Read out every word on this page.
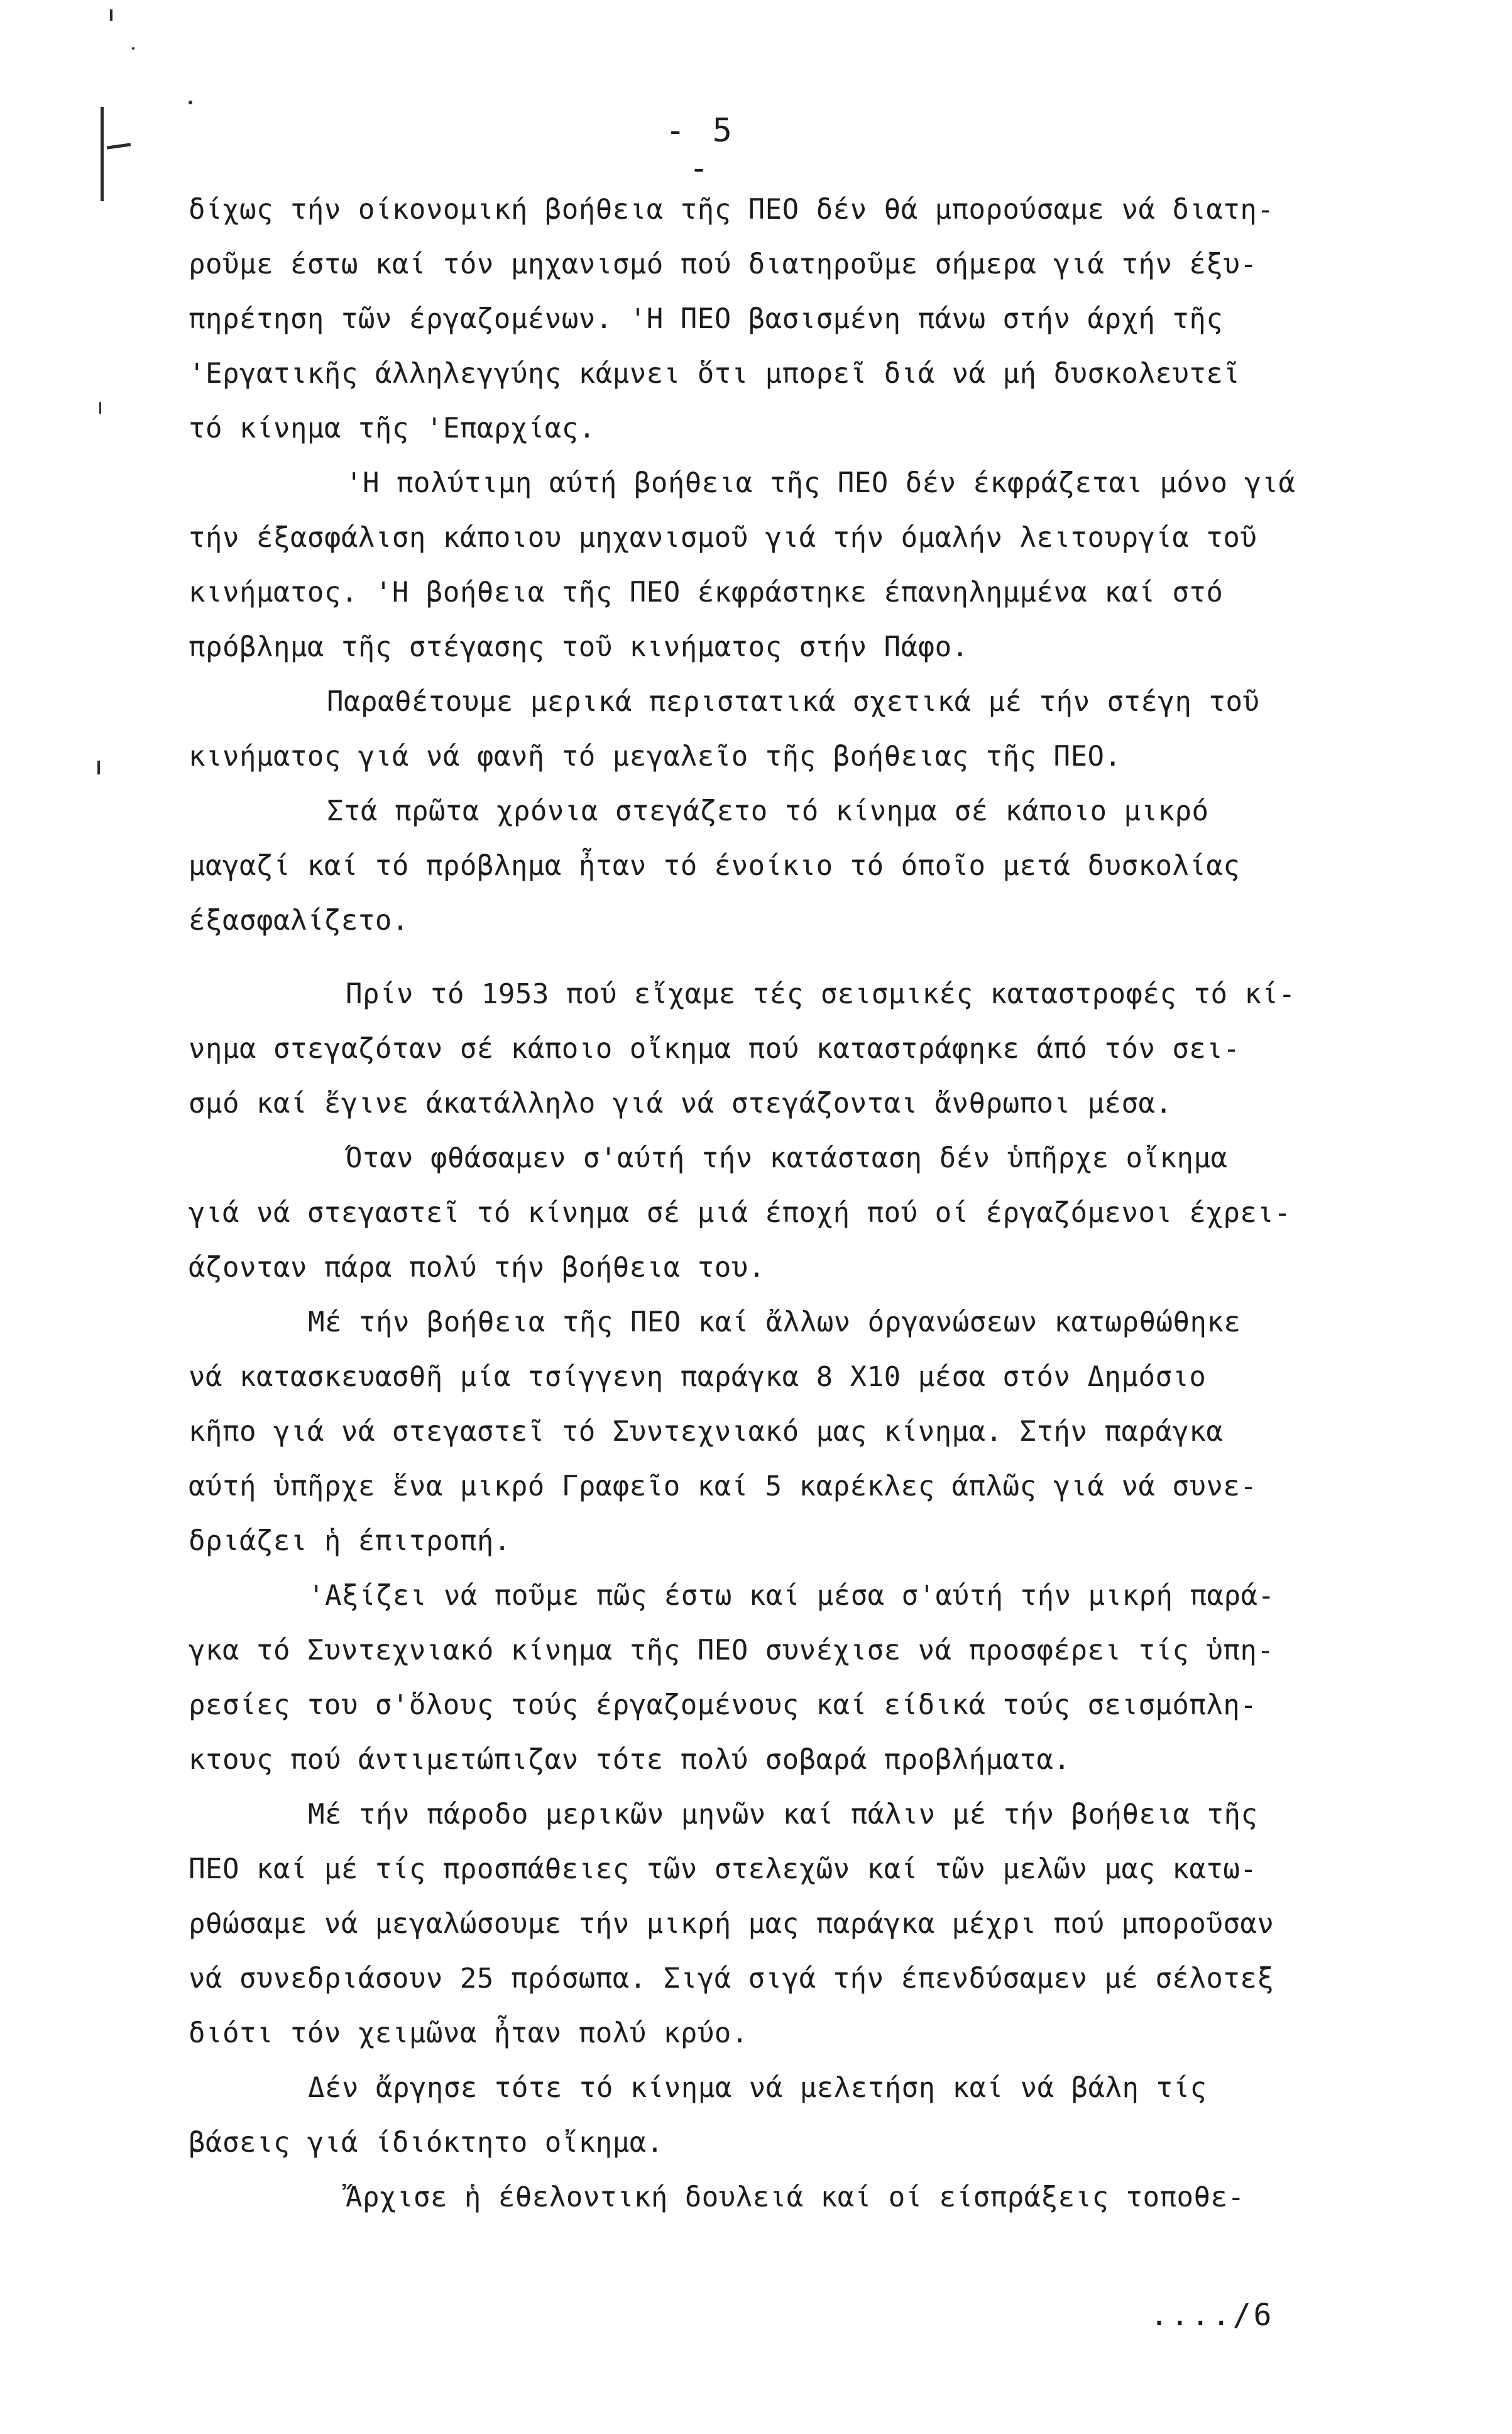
- 5 -
δίχως τήν οίκονομική βοήθεια τῆς ΠΕΟ δέν θά μπορούσαμε νά διατη-
ροῦμε έστω καί τόν μηχανισμό πού διατηροῦμε σήμερα γιά τήν έξυ-
πηρέτηση τῶν έργαζομένων. 'Η ΠΕΟ βασισμένη πάνω στήν άρχή τῆς
'Εργατικῆς άλληλεγγύης κάμνει ὅτι μπορεῖ διά νά μή δυσκολευτεῖ
τό κίνημα τῆς 'Επαρχίας.
'Η πολύτιμη αύτή βοήθεια τῆς ΠΕΟ δέν έκφράζεται μόνο γιά
τήν έξασφάλιση κάποιου μηχανισμοῦ γιά τήν όμαλήν λειτουργία τοῦ
κινήματος. 'Η βοήθεια τῆς ΠΕΟ έκφράστηκε έπανηλημμένα καί στό
πρόβλημα τῆς στέγασης τοῦ κινήματος στήν Πάφο.
Παραθέτουμε μερικά περιστατικά σχετικά μέ τήν στέγη τοῦ
κινήματος γιά νά φανῆ τό μεγαλεῖο τῆς βοήθειας τῆς ΠΕΟ.
Στά πρῶτα χρόνια στεγάζετο τό κίνημα σέ κάποιο μικρό
μαγαζί καί τό πρόβλημα ἦταν τό ένοίκιο τό όποῖο μετά δυσκολίας
έξασφαλίζετο.
Πρίν τό 1953 πού εἴχαμε τές σεισμικές καταστροφές τό κί-
νημα στεγαζόταν σέ κάποιο οἴκημα πού καταστράφηκε άπό τόν σει-
σμό καί ἔγινε άκατάλληλο γιά νά στεγάζονται ἄνθρωποι μέσα.
Όταν φθάσαμεν σ'αύτή τήν κατάσταση δέν ὑπῆρχε οἴκημα
γιά νά στεγαστεῖ τό κίνημα σέ μιά έποχή πού οί έργαζόμενοι έχρει-
άζονταν πάρα πολύ τήν βοήθεια του.
Μέ τήν βοήθεια τῆς ΠΕΟ καί ἄλλων όργανώσεων κατωρθώθηκε
νά κατασκευασθῆ μία τσίγγενη παράγκα 8 Χ10 μέσα στόν Δημόσιο
κῆπο γιά νά στεγαστεῖ τό Συντεχνιακό μας κίνημα. Στήν παράγκα
αύτή ὑπῆρχε ἕνα μικρό Γραφεῖο καί 5 καρέκλες άπλῶς γιά νά συνε-
δριάζει ἡ έπιτροπή.
'Αξίζει νά ποῦμε πῶς έστω καί μέσα σ'αύτή τήν μικρή παρά-
γκα τό Συντεχνιακό κίνημα τῆς ΠΕΟ συνέχισε νά προσφέρει τίς ὑπη-
ρεσίες του σ'ὅλους τούς έργαζομένους καί είδικά τούς σεισμόπλη-
κτους πού άντιμετώπιζαν τότε πολύ σοβαρά προβλήματα.
Μέ τήν πάροδο μερικῶν μηνῶν καί πάλιν μέ τήν βοήθεια τῆς
ΠΕΟ καί μέ τίς προσπάθειες τῶν στελεχῶν καί τῶν μελῶν μας κατω-
ρθώσαμε νά μεγαλώσουμε τήν μικρή μας παράγκα μέχρι πού μποροῦσαν
νά συνεδριάσουν 25 πρόσωπα. Σιγά σιγά τήν έπενδύσαμεν μέ σέλοτεξ
διότι τόν χειμῶνα ἦταν πολύ κρύο.
Δέν ἄργησε τότε τό κίνημα νά μελετήση καί νά βάλη τίς
βάσεις γιά ίδιόκτητο οἴκημα.
Ἄρχισε ἡ έθελοντική δουλειά καί οί είσπράξεις τοποθε-
..../6
